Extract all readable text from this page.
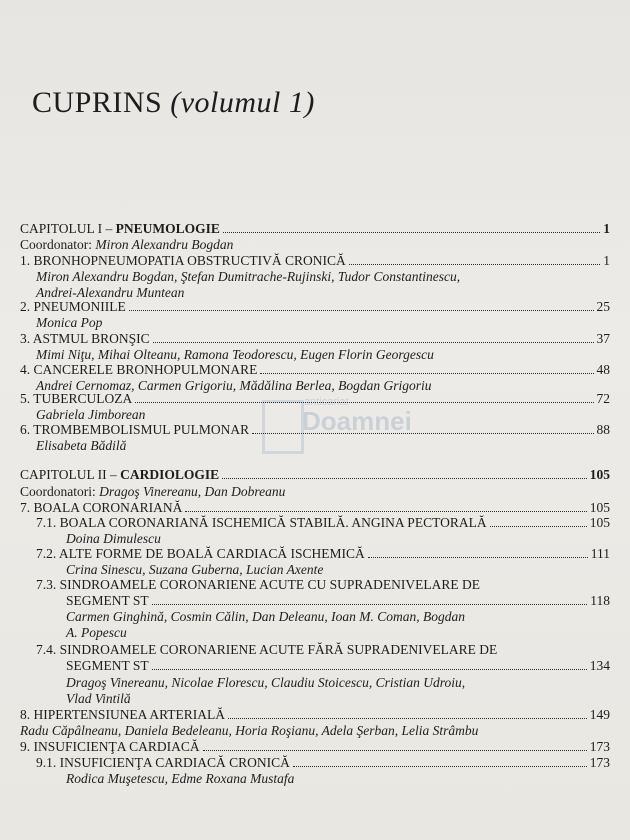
CUPRINS (volumul 1)
anticariat
Doamnei
CAPITOLUL I – PNEUMOLOGIE	1
Coordonator: Miron Alexandru Bogdan
1. BRONHOPNEUMOPATIA OBSTRUCTIVĂ CRONICĂ	1
Miron Alexandru Bogdan, Ştefan Dumitrache-Rujinski, Tudor Constantinescu,
Andrei-Alexandru Muntean
2. PNEUMONIILE	25
Monica Pop
3. ASTMUL BRONŞIC	37
Mimi Niţu, Mihai Olteanu, Ramona Teodorescu, Eugen Florin Georgescu
4. CANCERELE BRONHOPULMONARE	48
Andrei Cernomaz, Carmen Grigoriu, Mădălina Berlea, Bogdan Grigoriu
5. TUBERCULOZA	72
Gabriela Jimborean
6. TROMBEMBOLISMUL PULMONAR	88
Elisabeta Bădilă
CAPITOLUL II – CARDIOLOGIE	105
Coordonatori: Dragoş Vinereanu, Dan Dobreanu
7. BOALA CORONARIANĂ	105
7.1. BOALA CORONARIANĂ ISCHEMICĂ STABILĂ. ANGINA PECTORALĂ	105
Doina Dimulescu
7.2. ALTE FORME DE BOALĂ CARDIACĂ ISCHEMICĂ	111
Crina Sinescu, Suzana Guberna, Lucian Axente
7.3. SINDROAMELE CORONARIENE ACUTE CU SUPRADENIVELARE DE
SEGMENT ST	118
Carmen Ginghină, Cosmin Călin, Dan Deleanu, Ioan M. Coman, Bogdan
A. Popescu
7.4. SINDROAMELE CORONARIENE ACUTE FĂRĂ SUPRADENIVELARE DE
SEGMENT ST	134
Dragoş Vinereanu, Nicolae Florescu, Claudiu Stoicescu, Cristian Udroiu,
Vlad Vintilă
8. HIPERTENSIUNEA ARTERIALĂ	149
Radu Căpâlneanu, Daniela Bedeleanu, Horia Roşianu, Adela Şerban, Lelia Strâmbu
9. INSUFICIENŢA CARDIACĂ	173
9.1. INSUFICIENŢA CARDIACĂ CRONICĂ	173
Rodica Muşetescu, Edme Roxana Mustafa
